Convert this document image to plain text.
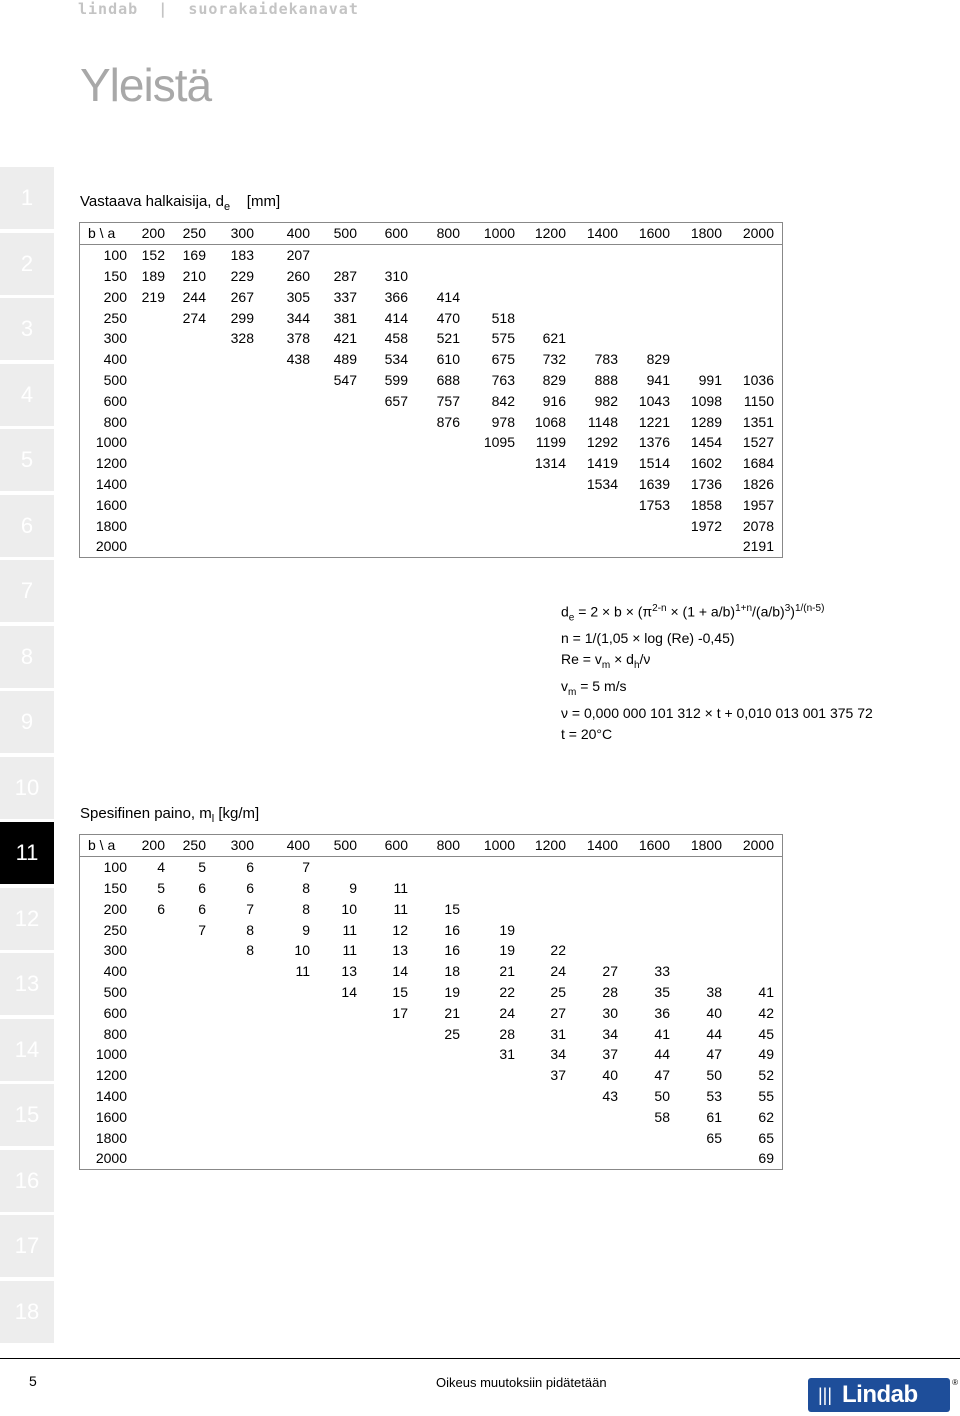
lindab | suorakaidekanavat
Yleistä
1
2
3
4
5
6
7
8
9
10
11
12
13
14
15
16
17
18
Vastaava halkaisija, $d_e$ [mm]
b \ a	200	250	300	400	500	600	800	1000	1200	1400	1600	1800	2000	
100	152	169	183	207										
150	189	210	229	260	287	310								
200	219	244	267	305	337	366	414							
250		274	299	344	381	414	470	518						
300			328	378	421	458	521	575	621					
400				438	489	534	610	675	732	783	829			
500					547	599	688	763	829	888	941	991	1036	
600						657	757	842	916	982	1043	1098	1150	
800							876	978	1068	1148	1221	1289	1351	
1000								1095	1199	1292	1376	1454	1527	
1200									1314	1419	1514	1602	1684	
1400										1534	1639	1736	1826	
1600											1753	1858	1957	
1800												1972	2078	
2000													2191	
$d_e = 2 \times b \times (\pi^{2-n} \times (1 + a/b)^{1+n}/(a/b)^3)^{1/(n-5)}$
n = 1/(1,05 × log (Re) -0,45)
$Re = v_m \times d_h/\nu$
$v_m = 5$ m/s
ν = 0,000 000 101 312 × t + 0,010 013 001 375 72
t = 20°C
Spesifinen paino, $m_l$ [kg/m]
b \ a	200	250	300	400	500	600	800	1000	1200	1400	1600	1800	2000	
100	4	5	6	7										
150	5	6	6	8	9	11								
200	6	6	7	8	10	11	15							
250		7	8	9	11	12	16	19						
300			8	10	11	13	16	19	22					
400				11	13	14	18	21	24	27	33			
500					14	15	19	22	25	28	35	38	41	
600						17	21	24	27	30	36	40	42	
800							25	28	31	34	41	44	45	
1000								31	34	37	44	47	49	
1200									37	40	47	50	52	
1400										43	50	53	55	
1600											58	61	62	
1800												65	65	
2000													69	
5	Oikeus muutoksiin pidätetään
||| Lindab	®
